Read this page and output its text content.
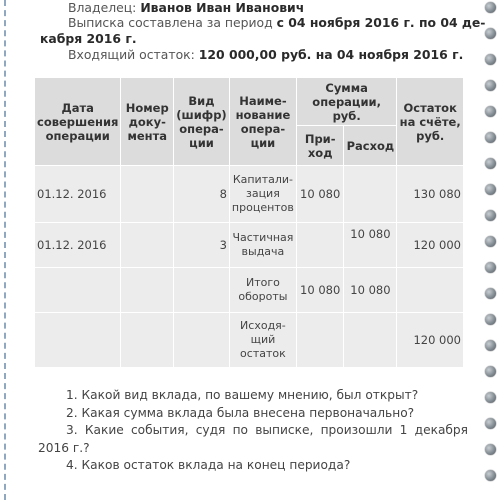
Владелец: Иванов Иван Иванович
Выписка составлена за период с 04 ноября 2016 г. по 04 де-
кабря 2016 г.
Входящий остаток: 120 000,00 руб. на 04 ноября 2016 г.
Дата совершения операции	Номер доку-мента	Вид (шифр) опера-ции	Наиме-нование опера-ции	Сумма операции, руб.		Остаток на счёте, руб.
				При-ход	Расход	
01.12. 2016		8	Капитали-зация процентов	10 080		130 080
01.12. 2016		3	Частичная выдача		10 080	120 000
			Итого обороты	10 080	10 080	
			Исходя-щий остаток			120 000
1. Какой вид вклада, по вашему мнению, был открыт?
2. Какая сумма вклада была внесена первоначально?
3. Какие события, судя по выписке, произошли 1 декабря 2016 г.?
4. Каков остаток вклада на конец периода?
